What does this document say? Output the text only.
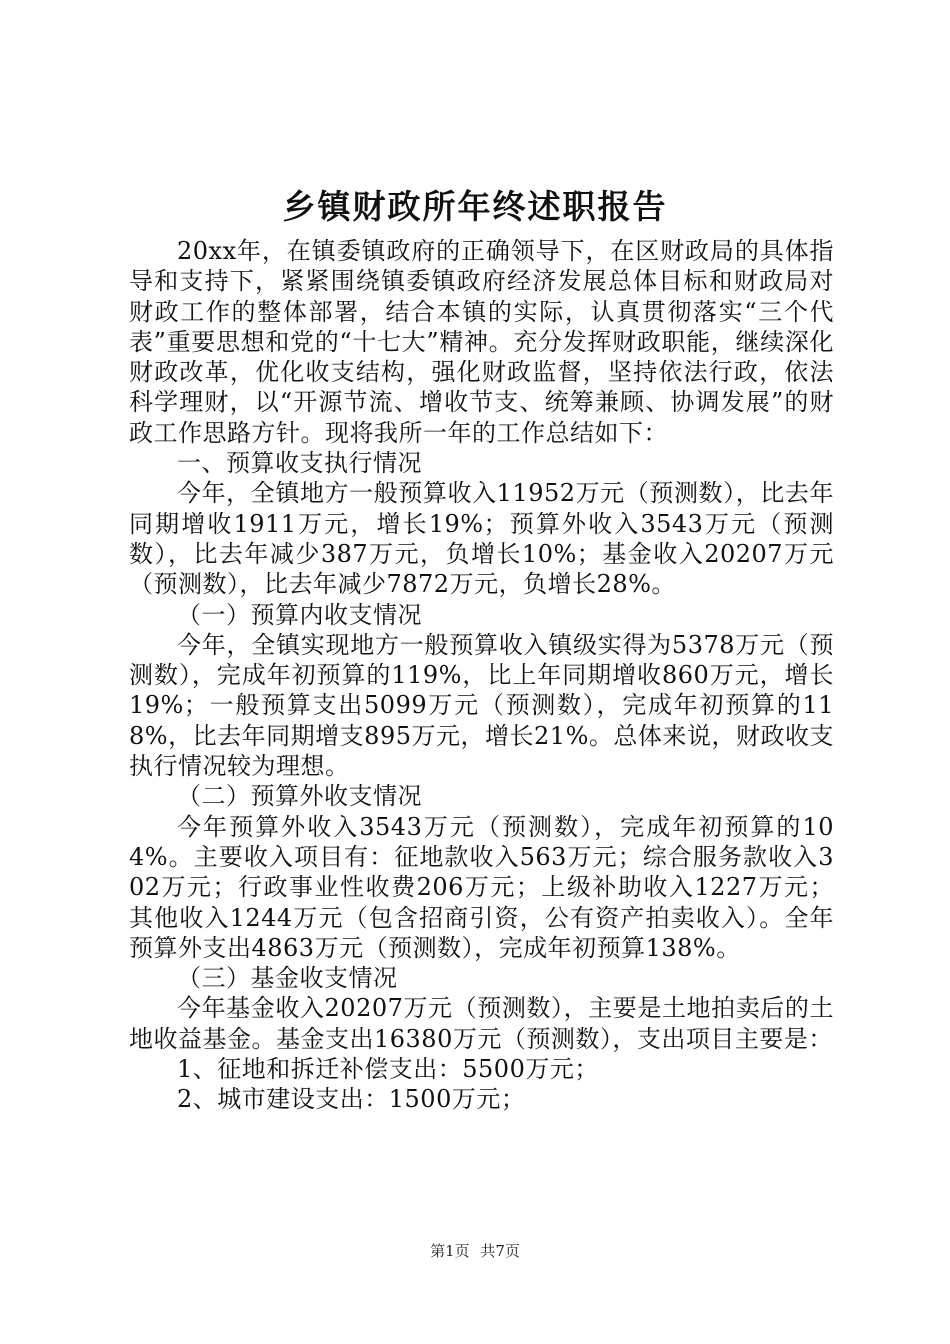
乡镇财政所年终述职报告

20xx年，在镇委镇政府的正确领导下，在区财政局的具体指导和支持下，紧紧围绕镇委镇政府经济发展总体目标和财政局对财政工作的整体部署，结合本镇的实际，认真贯彻落实“三个代表”重要思想和党的“十七大”精神。充分发挥财政职能，继续深化财政改革，优化收支结构，强化财政监督，坚持依法行政，依法科学理财，以“开源节流、增收节支、统筹兼顾、协调发展”的财政工作思路方针。现将我所一年的工作总结如下：

一、预算收支执行情况

今年，全镇地方一般预算收入11952万元（预测数），比去年同期增收1911万元，增长19%；预算外收入3543万元（预测数），比去年减少387万元，负增长10%；基金收入20207万元（预测数），比去年减少7872万元，负增长28%。

（一）预算内收支情况

今年，全镇实现地方一般预算收入镇级实得为5378万元（预测数），完成年初预算的119%，比上年同期增收860万元，增长19%；一般预算支出5099万元（预测数），完成年初预算的118%，比去年同期增支895万元，增长21%。总体来说，财政收支执行情况较为理想。

（二）预算外收支情况

今年预算外收入3543万元（预测数），完成年初预算的104%。主要收入项目有：征地款收入563万元；综合服务款收入302万元；行政事业性收费206万元；上级补助收入1227万元；其他收入1244万元（包含招商引资，公有资产拍卖收入）。全年预算外支出4863万元（预测数），完成年初预算138%。

（三）基金收支情况

今年基金收入20207万元（预测数），主要是土地拍卖后的土地收益基金。基金支出16380万元（预测数），支出项目主要是：

1、征地和拆迁补偿支出：5500万元；

2、城市建设支出：1500万元；

第1页 共7页
